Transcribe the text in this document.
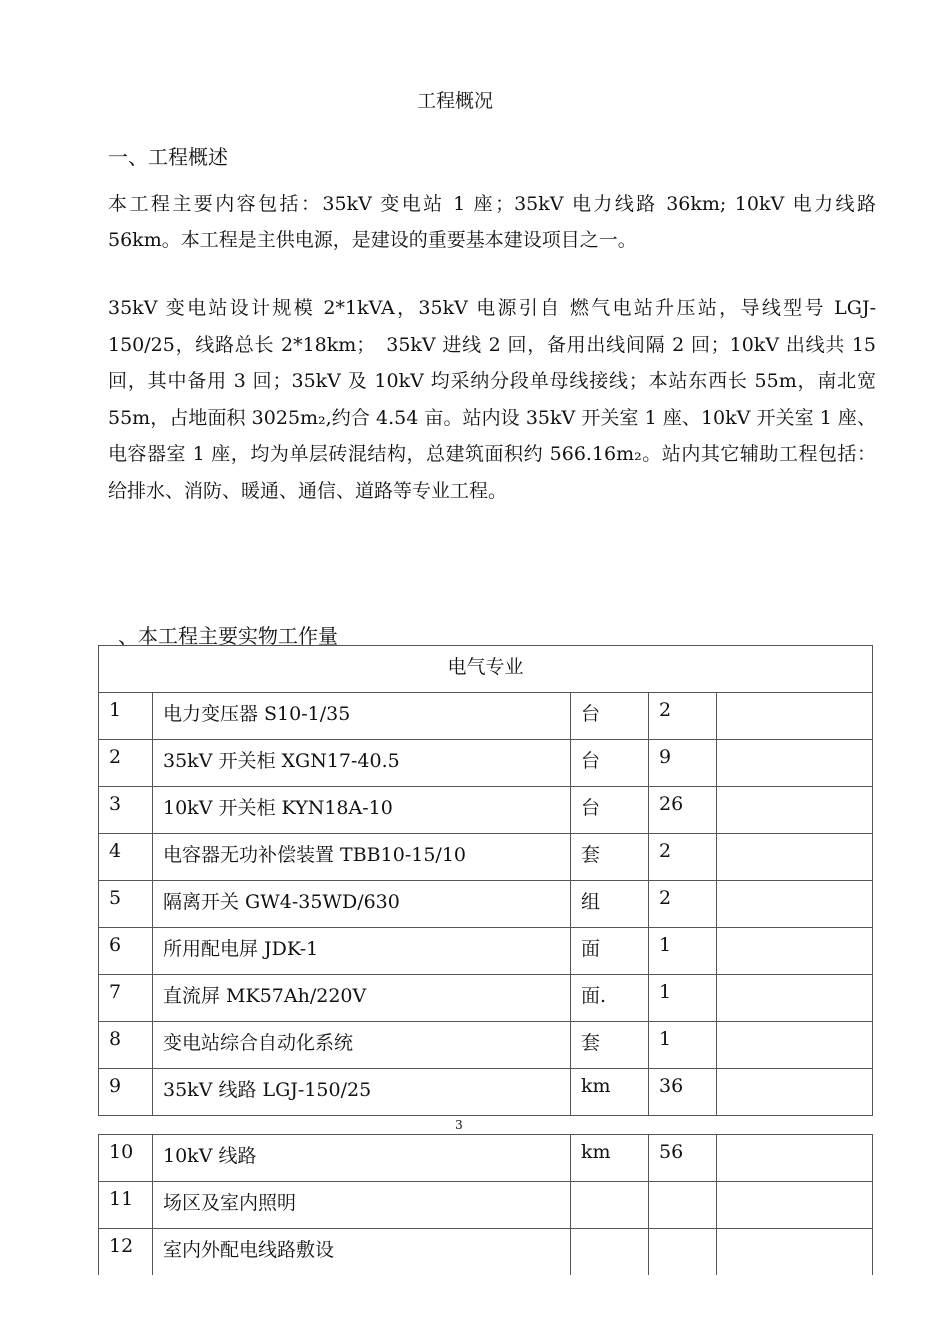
工程概况
一、工程概述

本工程主要内容包括：35kV 变电站 1 座；35kV 电力线路 36km; 10kV 电力线路 56km。本工程是主供电源，是建设的重要基本建设项目之一。

35kV 变电站设计规模 2*1kVA，35kV 电源引自 燃气电站升压站，导线型号 LGJ-150/25，线路总长 2*18km；　35kV 进线 2 回，备用出线间隔 2 回；10kV 出线共 15 回，其中备用 3 回；35kV 及 10kV 均采纳分段单母线接线；本站东西长 55m，南北宽 55m，占地面积 3025m₂,约合 4.54 亩。站内设 35kV 开关室 1 座、10kV 开关室 1 座、电容器室 1 座，均为单层砖混结构，总建筑面积约 566.16m₂。站内其它辅助工程包括：给排水、消防、暖通、通信、道路等专业工程。

、本工程主要实物工作量
电气专业				
1	电力变压器 S10-1/35	台	2	
2	35kV 开关柜 XGN17-40.5	台	9	
3	10kV 开关柜 KYN18A-10	台	26	
4	电容器无功补偿装置 TBB10-15/10	套	2	
5	隔离开关 GW4-35WD/630	组	2	
6	所用配电屏 JDK-1	面	1	
7	直流屏 MK57Ah/220V	面.	1	
8	变电站综合自动化系统	套	1	
9	35kV 线路 LGJ-150/25	km	36	
3
10	10kV 线路	km	56	
11	场区及室内照明			
12	室内外配电线路敷设			
